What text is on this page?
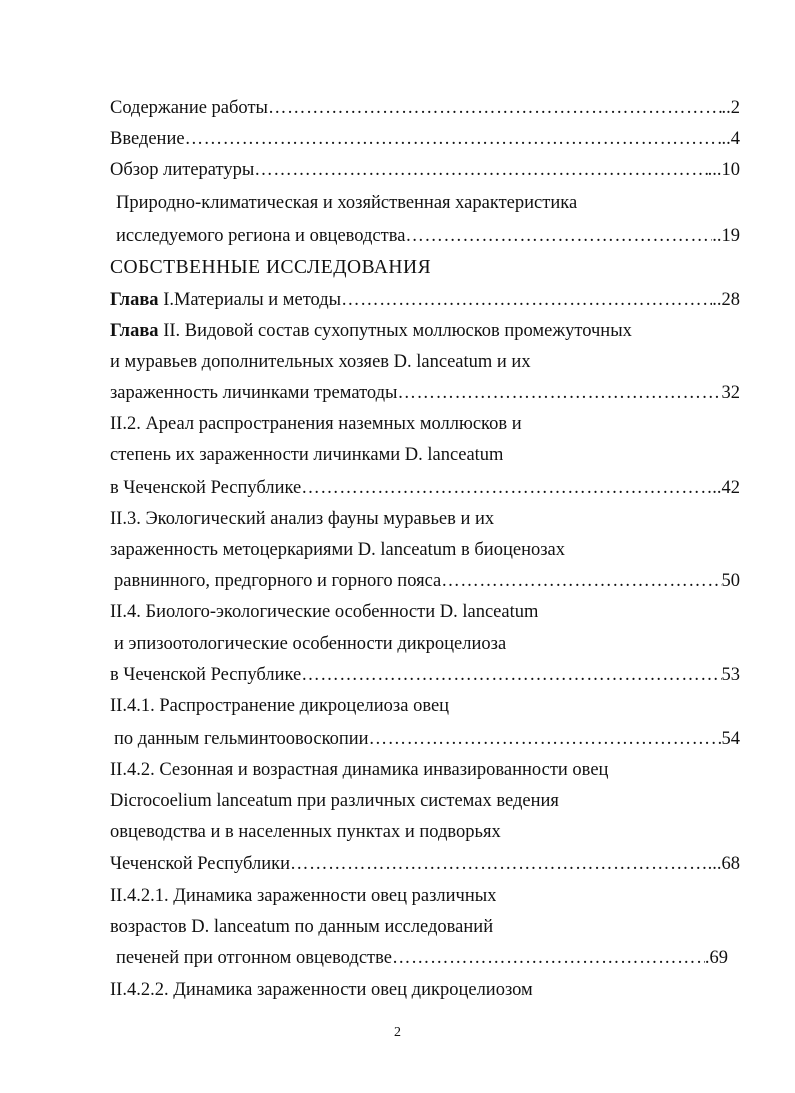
Содержание работы ……………………………………………………………………………………………………………………………………………………………	..2
Введение ……………………………………………………………………………………………………………………………………………………………	..4
Обзор литературы ……………………………………………………………………………………………………………………………………………………………	...10
Природно-климатическая и хозяйственная характеристика
исследуемого региона и овцеводства ……………………………………………………………………………………………………………………………………………………………	..19
СОБСТВЕННЫЕ ИССЛЕДОВАНИЯ
Глава I.Материалы и методы ……………………………………………………………………………………………………………………………………………………………	..28
Глава II. Видовой состав сухопутных моллюсков промежуточных
и муравьев дополнительных хозяев D. lanceatum и их
зараженность личинками трематоды ……………………………………………………………………………………………………………………………………………………………	32
II.2. Ареал распространения наземных моллюсков и
степень их зараженности личинками D. lanceatum
в Чеченской Республике ……………………………………………………………………………………………………………………………………………………………	..42
II.3. Экологический анализ фауны муравьев и их
зараженность метоцеркариями D. lanceatum в биоценозах
равнинного, предгорного и горного пояса ……………………………………………………………………………………………………………………………………………………………	50
II.4. Биолого-экологические особенности D. lanceatum
и эпизоотологические особенности дикроцелиоза
в Чеченской Республике ……………………………………………………………………………………………………………………………………………………………	53
II.4.1. Распространение дикроцелиоза овец
по данным гельминтоовоскопии ……………………………………………………………………………………………………………………………………………………………	54
II.4.2. Сезонная и возрастная динамика инвазированности овец
Dicrocoelium lanceatum при различных системах ведения
овцеводства и в населенных пунктах и подворьях
Чеченской Республики ……………………………………………………………………………………………………………………………………………………………	...68
II.4.2.1. Динамика зараженности овец различных
возрастов D. lanceatum по данным исследований
печеней при отгонном овцеводстве ……………………………………………………………………………………………………………………………………………………………	.69
II.4.2.2. Динамика зараженности овец дикроцелиозом
2
